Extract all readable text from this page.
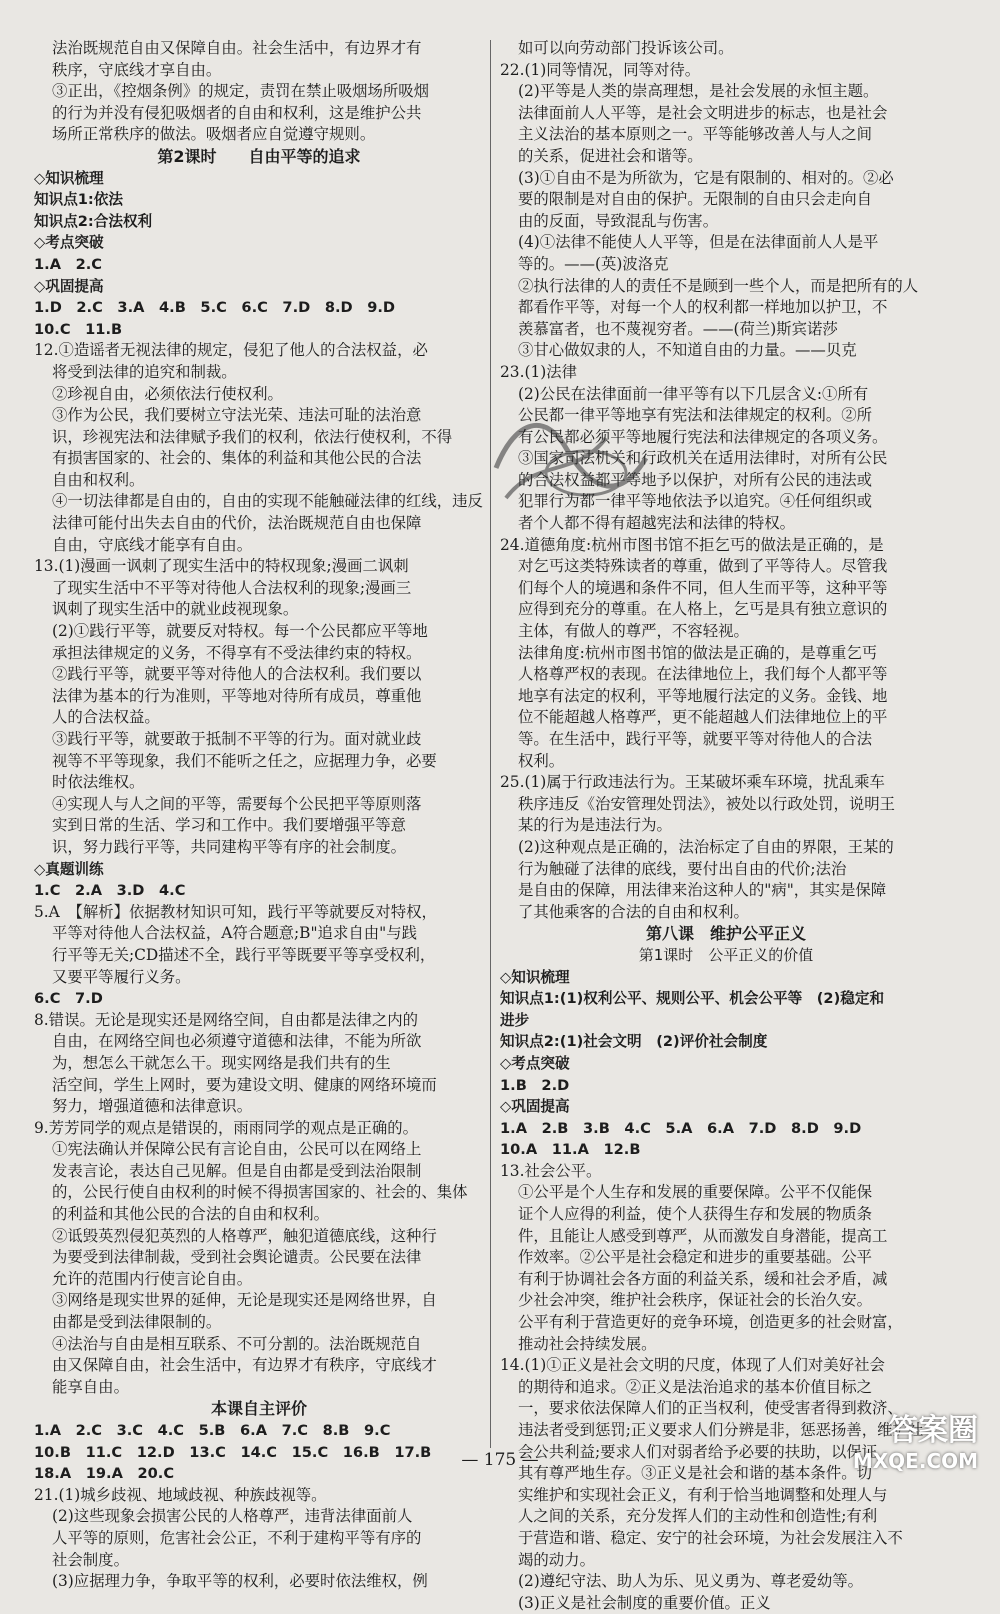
法治既规范自由又保障自由。社会生活中，有边界才有
秩序，守底线才享自由。
③正出，《控烟条例》的规定，责罚在禁止吸烟场所吸烟
的行为并没有侵犯吸烟者的自由和权利，这是维护公共
场所正常秩序的做法。吸烟者应自觉遵守规则。
第2课时　　自由平等的追求
◇知识梳理
知识点1:依法
知识点2:合法权利
◇考点突破
1.A　2.C
◇巩固提高
1.D　2.C　3.A　4.B　5.C　6.C　7.D　8.D　9.D
10.C　11.B
12.①造谣者无视法律的规定，侵犯了他人的合法权益，必
将受到法律的追究和制裁。
②珍视自由，必须依法行使权利。
③作为公民，我们要树立守法光荣、违法可耻的法治意
识，珍视宪法和法律赋予我们的权利，依法行使权利，不得
有损害国家的、社会的、集体的利益和其他公民的合法
自由和权利。
④一切法律都是自由的，自由的实现不能触碰法律的红线，违反
法律可能付出失去自由的代价，法治既规范自由也保障
自由，守底线才能享有自由。
13.(1)漫画一讽刺了现实生活中的特权现象;漫画二讽刺
了现实生活中不平等对待他人合法权利的现象;漫画三
讽刺了现实生活中的就业歧视现象。
(2)①践行平等，就要反对特权。每一个公民都应平等地
承担法律规定的义务，不得享有不受法律约束的特权。
②践行平等，就要平等对待他人的合法权利。我们要以
法律为基本的行为准则，平等地对待所有成员，尊重他
人的合法权益。
③践行平等，就要敢于抵制不平等的行为。面对就业歧
视等不平等现象，我们不能听之任之，应据理力争，必要
时依法维权。
④实现人与人之间的平等，需要每个公民把平等原则落
实到日常的生活、学习和工作中。我们要增强平等意
识，努力践行平等，共同建构平等有序的社会制度。
◇真题训练
1.C　2.A　3.D　4.C
5.A　【解析】依据教材知识可知，践行平等就要反对特权，
平等对待他人合法权益，A符合题意;B"追求自由"与践
行平等无关;CD描述不全，践行平等既要平等享受权利，
又要平等履行义务。
6.C　7.D
8.错误。无论是现实还是网络空间，自由都是法律之内的
自由，在网络空间也必须遵守道德和法律，不能为所欲
为，想怎么干就怎么干。现实网络是我们共有的生
活空间，学生上网时，要为建设文明、健康的网络环境而
努力，增强道德和法律意识。
9.芳芳同学的观点是错误的，雨雨同学的观点是正确的。
①宪法确认并保障公民有言论自由，公民可以在网络上
发表言论，表达自己见解。但是自由都是受到法治限制
的，公民行使自由权利的时候不得损害国家的、社会的、集体
的利益和其他公民的合法的自由和权利。
②诋毁英烈侵犯英烈的人格尊严，触犯道德底线，这种行
为要受到法律制裁，受到社会舆论谴责。公民要在法律
允许的范围内行使言论自由。
③网络是现实世界的延伸，无论是现实还是网络世界，自
由都是受到法律限制的。
④法治与自由是相互联系、不可分割的。法治既规范自
由又保障自由，社会生活中，有边界才有秩序，守底线才
能享自由。
本课自主评价
1.A　2.C　3.C　4.C　5.B　6.A　7.C　8.B　9.C
10.B　11.C　12.D　13.C　14.C　15.C　16.B　17.B
18.A　19.A　20.C
21.(1)城乡歧视、地域歧视、种族歧视等。
(2)这些现象会损害公民的人格尊严，违背法律面前人
人平等的原则，危害社会公正，不利于建构平等有序的
社会制度。
(3)应据理力争，争取平等的权利，必要时依法维权，例
如可以向劳动部门投诉该公司。
22.(1)同等情况，同等对待。
(2)平等是人类的崇高理想，是社会发展的永恒主题。
法律面前人人平等，是社会文明进步的标志，也是社会
主义法治的基本原则之一。平等能够改善人与人之间
的关系，促进社会和谐等。
(3)①自由不是为所欲为，它是有限制的、相对的。②必
要的限制是对自由的保护。无限制的自由只会走向自
由的反面，导致混乱与伤害。
(4)①法律不能使人人平等，但是在法律面前人人是平
等的。——(英)波洛克
②执行法律的人的责任不是顾到一些个人，而是把所有的人
都看作平等，对每一个人的权利都一样地加以护卫，不
羡慕富者，也不蔑视穷者。——(荷兰)斯宾诺莎
③甘心做奴隶的人，不知道自由的力量。——贝克
23.(1)法律
(2)公民在法律面前一律平等有以下几层含义:①所有
公民都一律平等地享有宪法和法律规定的权利。②所
有公民都必须平等地履行宪法和法律规定的各项义务。
③国家司法机关和行政机关在适用法律时，对所有公民
的合法权益都平等地予以保护，对所有公民的违法或
犯罪行为都一律平等地依法予以追究。④任何组织或
者个人都不得有超越宪法和法律的特权。
24.道德角度:杭州市图书馆不拒乞丐的做法是正确的，是
对乞丐这类特殊读者的尊重，做到了平等待人。尽管我
们每个人的境遇和条件不同，但人生而平等，这种平等
应得到充分的尊重。在人格上，乞丐是具有独立意识的
主体，有做人的尊严，不容轻视。
法律角度:杭州市图书馆的做法是正确的，是尊重乞丐
人格尊严权的表现。在法律地位上，我们每个人都平等
地享有法定的权利，平等地履行法定的义务。金钱、地
位不能超越人格尊严，更不能超越人们法律地位上的平
等。在生活中，践行平等，就要平等对待他人的合法
权利。
25.(1)属于行政违法行为。王某破坏乘车环境，扰乱乘车
秩序违反《治安管理处罚法》，被处以行政处罚，说明王
某的行为是违法行为。
(2)这种观点是正确的，法治标定了自由的界限，王某的
行为触碰了法律的底线，要付出自由的代价;法治
是自由的保障，用法律来治这种人的"病"，其实是保障
了其他乘客的合法的自由和权利。
第八课　维护公平正义
第1课时　公平正义的价值
◇知识梳理
知识点1:(1)权利公平、规则公平、机会公平等　(2)稳定和
进步
知识点2:(1)社会文明　(2)评价社会制度
◇考点突破
1.B　2.D
◇巩固提高
1.A　2.B　3.B　4.C　5.A　6.A　7.D　8.D　9.D
10.A　11.A　12.B
13.社会公平。
①公平是个人生存和发展的重要保障。公平不仅能保
证个人应得的利益，使个人获得生存和发展的物质条
件，且能让人感受到尊严，从而激发自身潜能，提高工
作效率。②公平是社会稳定和进步的重要基础。公平
有利于协调社会各方面的利益关系，缓和社会矛盾，减
少社会冲突，维护社会秩序，保证社会的长治久安。
公平有利于营造更好的竞争环境，创造更多的社会财富，
推动社会持续发展。
14.(1)①正义是社会文明的尺度，体现了人们对美好社会
的期待和追求。②正义是法治追求的基本价值目标之
一，要求依法保障人们的正当权利，使受害者得到救济、
违法者受到惩罚;正义要求人们分辨是非，惩恶扬善，维护社
会公共利益;要求人们对弱者给予必要的扶助，以保证
其有尊严地生存。③正义是社会和谐的基本条件。切
实维护和实现社会正义，有利于恰当地调整和处理人与
人之间的关系，充分发挥人们的主动性和创造性;有利
于营造和谐、稳定、安宁的社会环境，为社会发展注入不
竭的动力。
(2)遵纪守法、助人为乐、见义勇为、尊老爱幼等。
(3)正义是社会制度的重要价值。正义
— 175 —
答案圈
MXQE.COM
